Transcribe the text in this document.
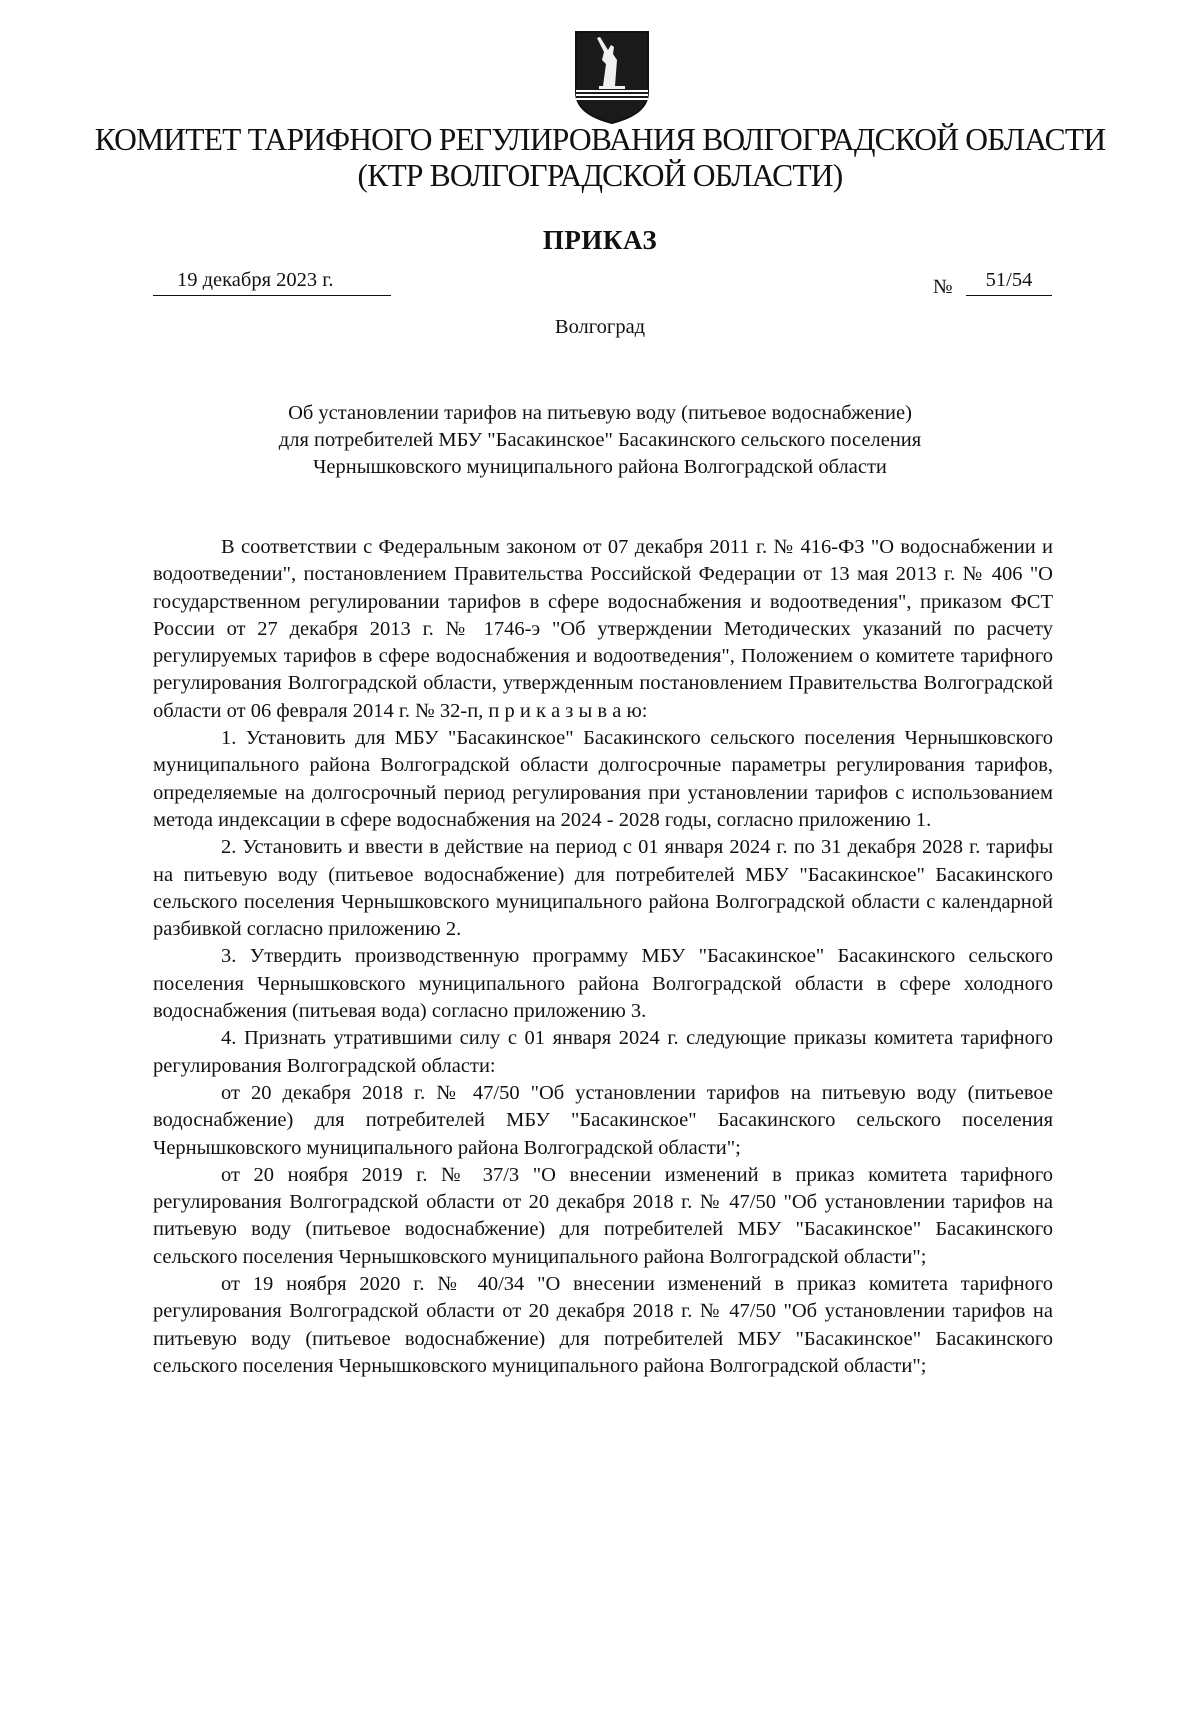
КОМИТЕТ ТАРИФНОГО РЕГУЛИРОВАНИЯ ВОЛГОГРАДСКОЙ ОБЛАСТИ
(КТР ВОЛГОГРАДСКОЙ ОБЛАСТИ)
ПРИКАЗ
19 декабря 2023 г.	№	51/54
Волгоград
Об установлении тарифов на питьевую воду (питьевое водоснабжение)
для потребителей МБУ "Басакинское" Басакинского сельского поселения
Чернышковского муниципального района Волгоградской области

В соответствии с Федеральным законом от 07 декабря 2011 г. № 416-ФЗ "О водоснабжении и водоотведении", постановлением Правительства Российской Федерации от 13 мая 2013 г. № 406 "О государственном регулировании тарифов в сфере водоснабжения и водоотведения", приказом ФСТ России от 27 декабря 2013 г. № 1746-э "Об утверждении Методических указаний по расчету регулируемых тарифов в сфере водоснабжения и водоотведения", Положением о комитете тарифного регулирования Волгоградской области, утвержденным постановлением Правительства Волгоградской области от 06 февраля 2014 г. № 32-п, п р и к а з ы в а ю:

1. Установить для МБУ "Басакинское" Басакинского сельского поселения Чернышковского муниципального района Волгоградской области долгосрочные параметры регулирования тарифов, определяемые на долгосрочный период регулирования при установлении тарифов с использованием метода индексации в сфере водоснабжения на 2024 - 2028 годы, согласно приложению 1.

2. Установить и ввести в действие на период с 01 января 2024 г. по 31 декабря 2028 г. тарифы на питьевую воду (питьевое водоснабжение) для потребителей МБУ "Басакинское" Басакинского сельского поселения Чернышковского муниципального района Волгоградской области с календарной разбивкой согласно приложению 2.

3. Утвердить производственную программу МБУ "Басакинское" Басакинского сельского поселения Чернышковского муниципального района Волгоградской области в сфере холодного водоснабжения (питьевая вода) согласно приложению 3.

4. Признать утратившими силу с 01 января 2024 г. следующие приказы комитета тарифного регулирования Волгоградской области:

от 20 декабря 2018 г. № 47/50 "Об установлении тарифов на питьевую воду (питьевое водоснабжение) для потребителей МБУ "Басакинское" Басакинского сельского поселения Чернышковского муниципального района Волгоградской области";

от 20 ноября 2019 г. № 37/3 "О внесении изменений в приказ комитета тарифного регулирования Волгоградской области от 20 декабря 2018 г. № 47/50 "Об установлении тарифов на питьевую воду (питьевое водоснабжение) для потребителей МБУ "Басакинское" Басакинского сельского поселения Чернышковского муниципального района Волгоградской области";

от 19 ноября 2020 г. № 40/34 "О внесении изменений в приказ комитета тарифного регулирования Волгоградской области от 20 декабря 2018 г. № 47/50 "Об установлении тарифов на питьевую воду (питьевое водоснабжение) для потребителей МБУ "Басакинское" Басакинского сельского поселения Чернышковского муниципального района Волгоградской области";
